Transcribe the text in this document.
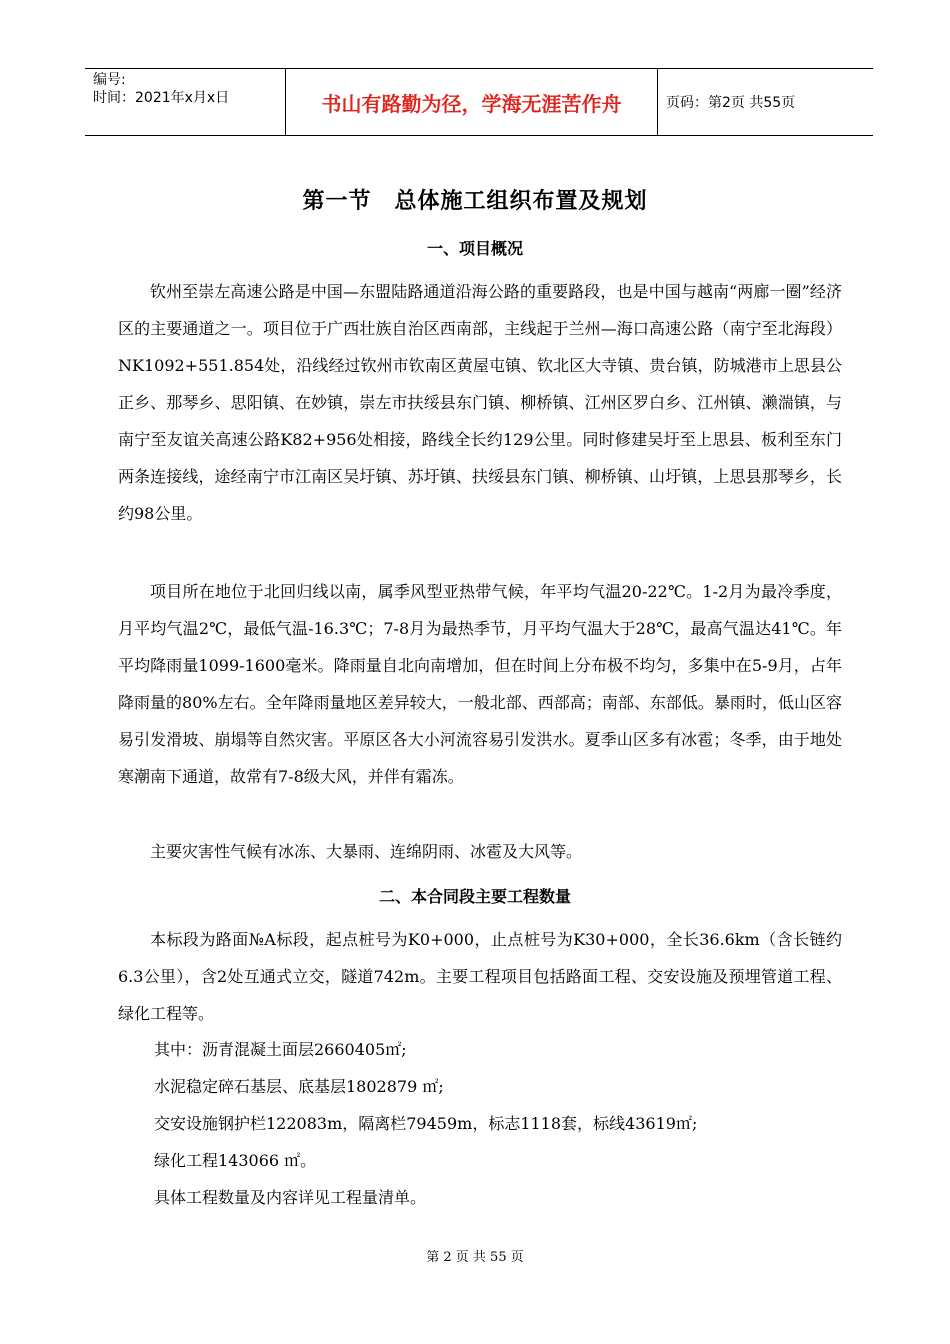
编号:
时间：2021年x月x日	书山有路勤为径，学海无涯苦作舟	页码：第2页 共55页
第一节　总体施工组织布置及规划
一、项目概况

钦州至崇左高速公路是中国—东盟陆路通道沿海公路的重要路段，也是中国与越南“两廊一圈”经济区的主要通道之一。项目位于广西壮族自治区西南部，主线起于兰州—海口高速公路（南宁至北海段）NK1092+551.854处，沿线经过钦州市钦南区黄屋屯镇、钦北区大寺镇、贵台镇，防城港市上思县公正乡、那琴乡、思阳镇、在妙镇，崇左市扶绥县东门镇、柳桥镇、江州区罗白乡、江州镇、濑湍镇，与南宁至友谊关高速公路K82+956处相接，路线全长约129公里。同时修建吴圩至上思县、板利至东门两条连接线，途经南宁市江南区吴圩镇、苏圩镇、扶绥县东门镇、柳桥镇、山圩镇，上思县那琴乡，长约98公里。

项目所在地位于北回归线以南，属季风型亚热带气候，年平均气温20-22℃。1-2月为最冷季度，月平均气温2℃，最低气温-16.3℃；7-8月为最热季节，月平均气温大于28℃，最高气温达41℃。年平均降雨量1099-1600毫米。降雨量自北向南增加，但在时间上分布极不均匀，多集中在5-9月，占年降雨量的80%左右。全年降雨量地区差异较大，一般北部、西部高；南部、东部低。暴雨时，低山区容易引发滑坡、崩塌等自然灾害。平原区各大小河流容易引发洪水。夏季山区多有冰雹；冬季，由于地处寒潮南下通道，故常有7-8级大风，并伴有霜冻。

主要灾害性气候有冰冻、大暴雨、连绵阴雨、冰雹及大风等。

二、本合同段主要工程数量

本标段为路面№A标段，起点桩号为K0+000，止点桩号为K30+000，全长36.6km（含长链约6.3公里），含2处互通式立交，隧道742m。主要工程项目包括路面工程、交安设施及预埋管道工程、绿化工程等。

其中：沥青混凝土面层2660405㎡;

水泥稳定碎石基层、底基层1802879 ㎡;

交安设施钢护栏122083m，隔离栏79459m，标志1118套，标线43619㎡;

绿化工程143066 ㎡。

具体工程数量及内容详见工程量清单。

第 2 页 共 55 页
